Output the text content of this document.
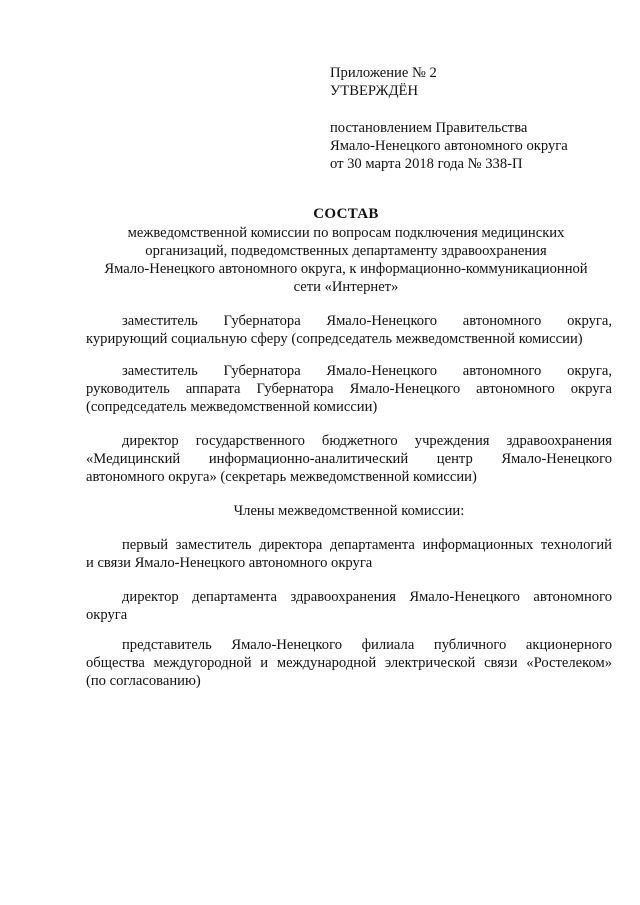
Приложение № 2
УТВЕРЖДЁН
постановлением Правительства
Ямало-Ненецкого автономного округа
от 30 марта 2018 года № 338-П
СОСТАВ
межведомственной комиссии по вопросам подключения медицинских
организаций, подведомственных департаменту здравоохранения
Ямало-Ненецкого автономного округа, к информационно-коммуникационной
сети «Интернет»
заместитель Губернатора Ямало-Ненецкого автономного округа,
курирующий социальную сферу (сопредседатель межведомственной комиссии)
заместитель Губернатора Ямало-Ненецкого автономного округа,
руководитель аппарата Губернатора Ямало-Ненецкого автономного округа
(сопредседатель межведомственной комиссии)
директор государственного бюджетного учреждения здравоохранения
«Медицинский информационно-аналитический центр Ямало-Ненецкого
автономного округа» (секретарь межведомственной комиссии)
Члены межведомственной комиссии:
первый заместитель директора департамента информационных технологий
и связи Ямало-Ненецкого автономного округа
директор департамента здравоохранения Ямало-Ненецкого автономного
округа
представитель Ямало-Ненецкого филиала публичного акционерного
общества междугородной и международной электрической связи «Ростелеком»
(по согласованию)
